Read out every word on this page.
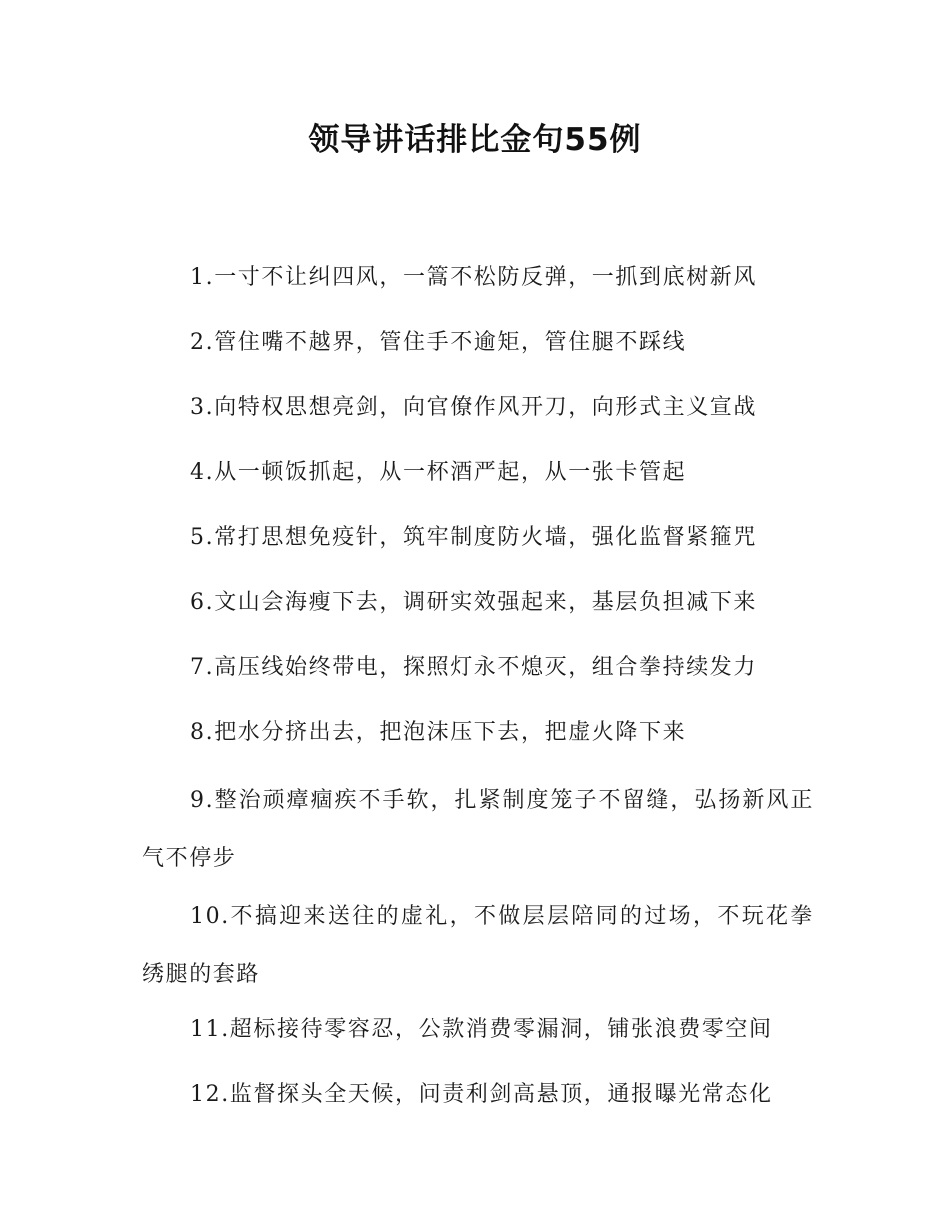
领导讲话排比金句55例

1.一寸不让纠四风，一篙不松防反弹，一抓到底树新风

2.管住嘴不越界，管住手不逾矩，管住腿不踩线

3.向特权思想亮剑，向官僚作风开刀，向形式主义宣战

4.从一顿饭抓起，从一杯酒严起，从一张卡管起

5.常打思想免疫针，筑牢制度防火墙，强化监督紧箍咒

6.文山会海瘦下去，调研实效强起来，基层负担减下来

7.高压线始终带电，探照灯永不熄灭，组合拳持续发力

8.把水分挤出去，把泡沫压下去，把虚火降下来

9.整治顽瘴痼疾不手软，扎紧制度笼子不留缝，弘扬新风正气不停步

10.不搞迎来送往的虚礼，不做层层陪同的过场，不玩花拳绣腿的套路

11.超标接待零容忍，公款消费零漏洞，铺张浪费零空间

12.监督探头全天候，问责利剑高悬顶，通报曝光常态化
